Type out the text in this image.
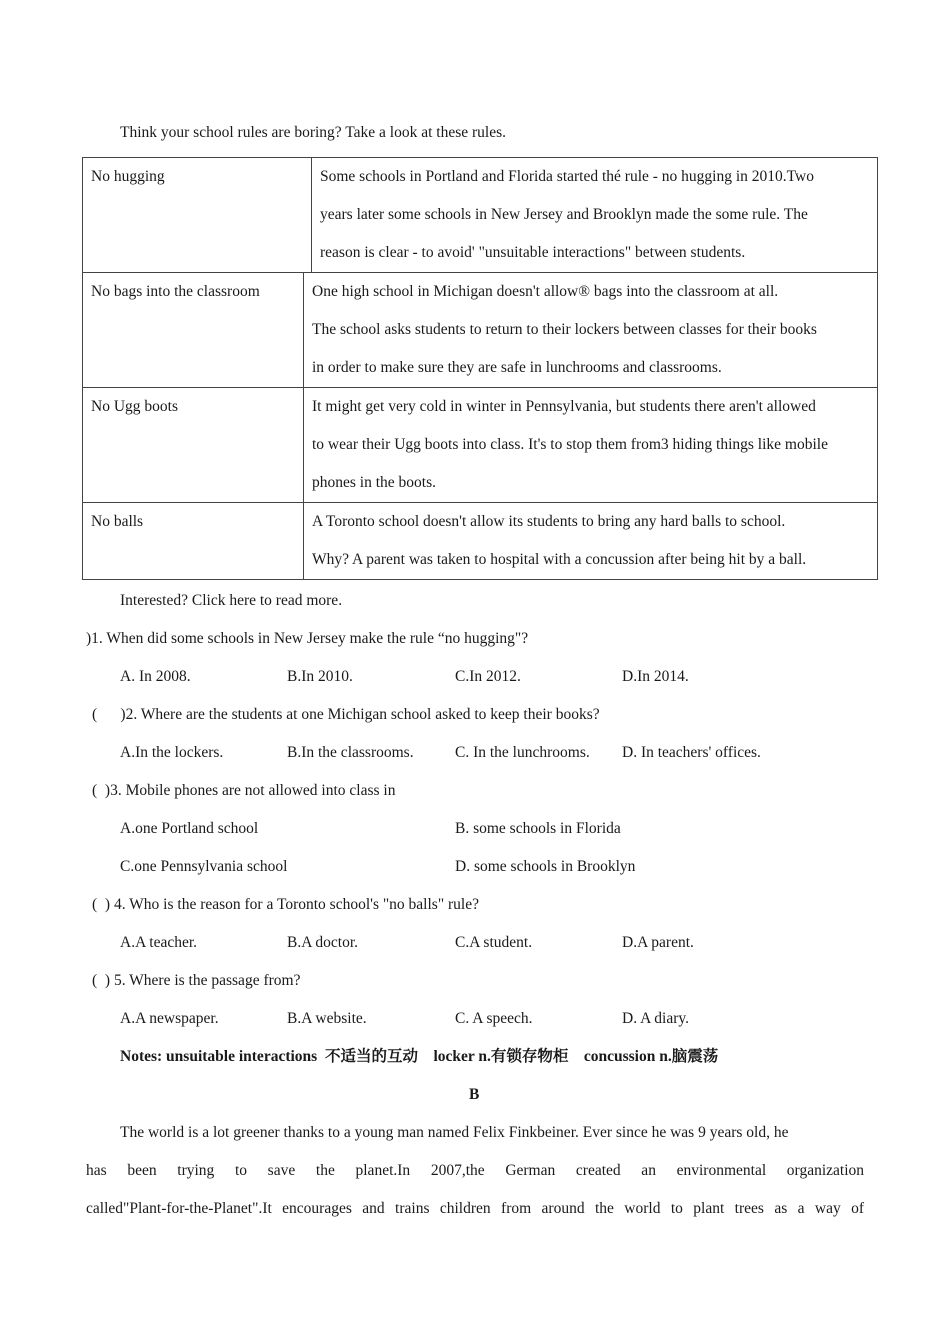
Think your school rules are boring? Take a look at these rules.
No hugging	Some schools in Portland and Florida started thé rule - no hugging in 2010.Two
years later some schools in New Jersey and Brooklyn made the some rule. The
reason is clear - to avoid' "unsuitable interactions" between students.
No bags into the classroom	One high school in Michigan doesn't allow® bags into the classroom at all.
The school asks students to return to their lockers between classes for their books
in order to make sure they are safe in lunchrooms and classrooms.

No Ugg boots	It might get very cold in winter in Pennsylvania, but students there aren't allowed
to wear their Ugg boots into class. It's to stop them from3 hiding things like mobile
phones in the boots.

No balls	A Toronto school doesn't allow its students to bring any hard balls to school.
Why? A parent was taken to hospital with a concussion after being hit by a ball.
Interested? Click here to read more.
)1. When did some schools in New Jersey make the rule “no hugging"?
A. In 2008.	B.In 2010.	C.In 2012.	D.In 2014.
(      )2. Where are the students at one Michigan school asked to keep their books?
A.In the lockers.	B.In the classrooms.	C. In the lunchrooms. D. In teachers' offices.
(  )3. Mobile phones are not allowed into class in
A.one Portland school	B. some schools in Florida
C.one Pennsylvania school	D. some schools in Brooklyn
(  ) 4. Who is the reason for a Toronto school's "no balls" rule?
A.A teacher.	B.A doctor.	C.A student.	D.A parent.
(  ) 5. Where is the passage from?
A.A newspaper.	B.A website.	C. A speech.	D. A diary.
Notes: unsuitable interactions  不适当的互动    locker n.有锁存物柜    concussion n.脑震荡
B
The world is a lot greener thanks to a young man named Felix Finkbeiner. Ever since he was 9 years old, he
has been trying to save the planet.In 2007,the German created an environmental organization
called"Plant-for-the-Planet".It encourages and trains children from around the world to plant trees as a way of
